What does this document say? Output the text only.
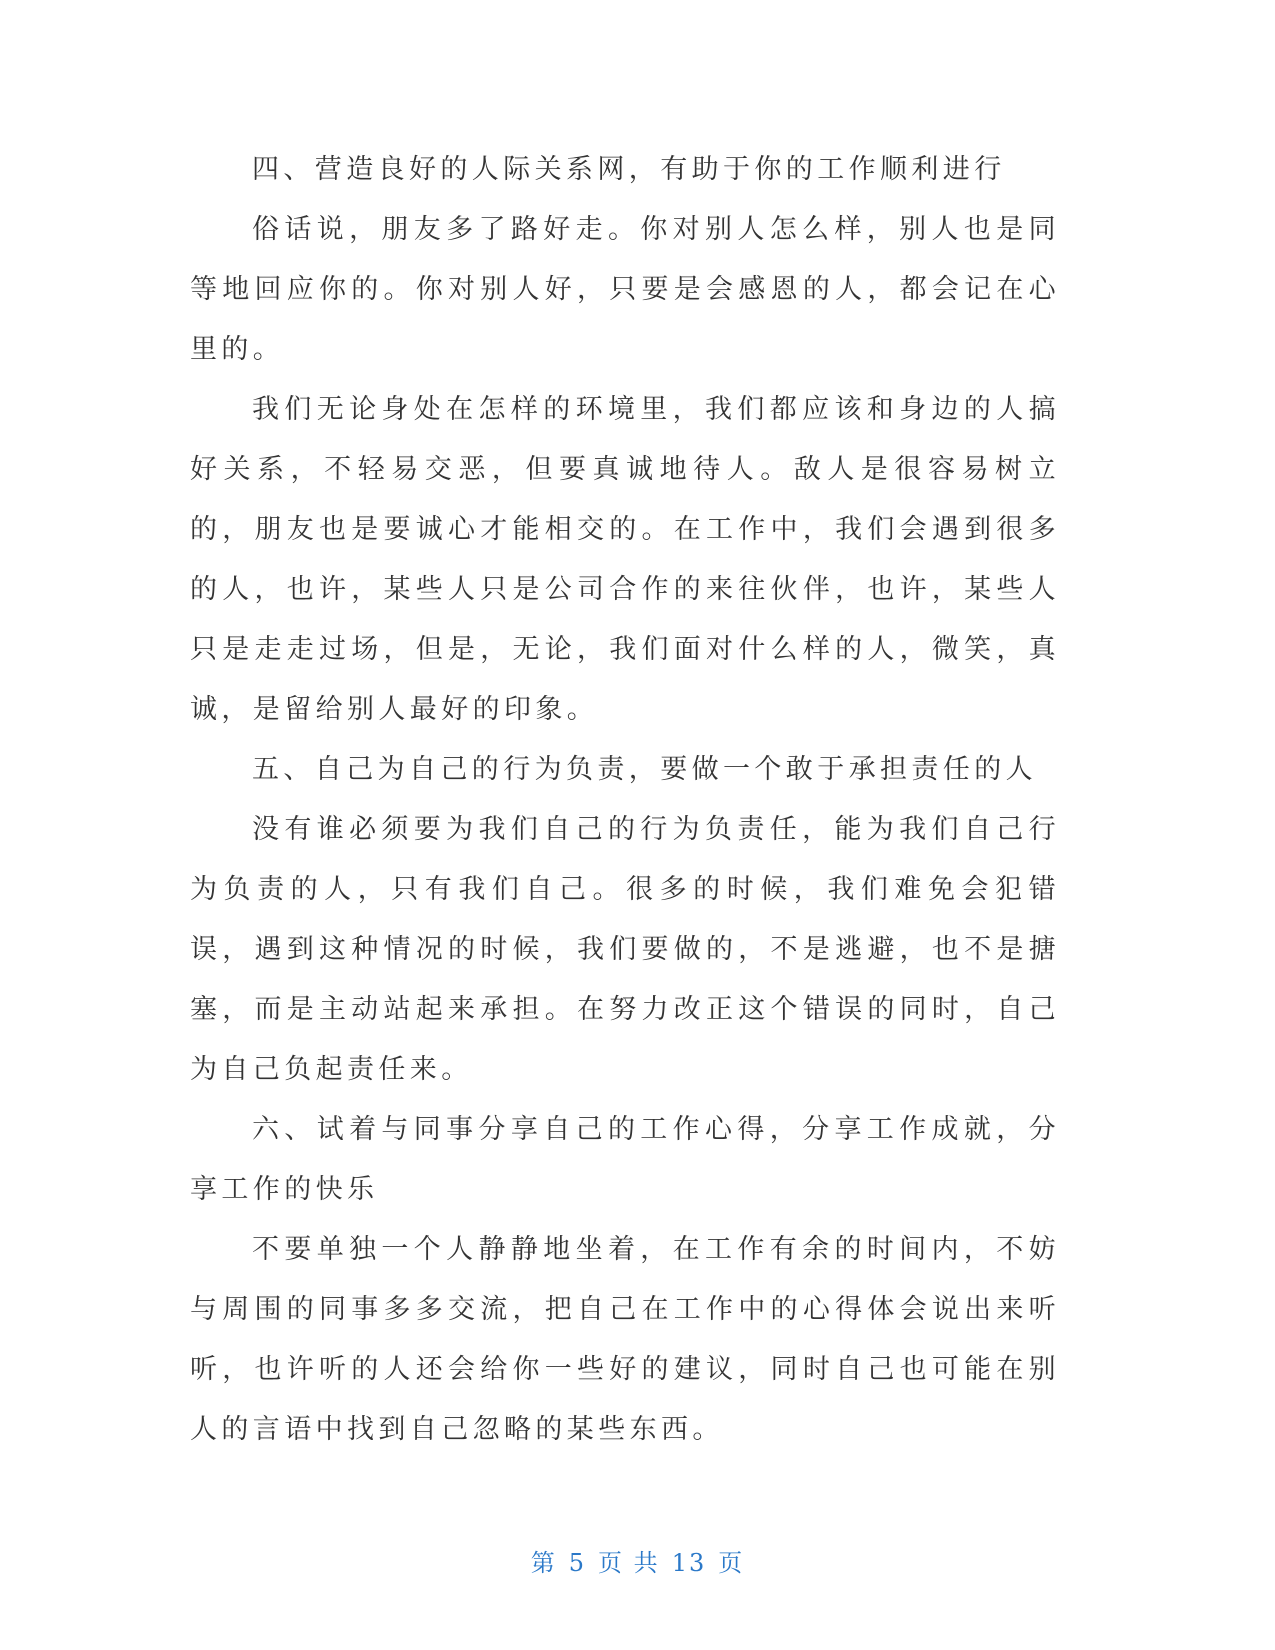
四、营造良好的人际关系网，有助于你的工作顺利进行

俗话说，朋友多了路好走。你对别人怎么样，别人也是同等地回应你的。你对别人好，只要是会感恩的人，都会记在心里的。

我们无论身处在怎样的环境里，我们都应该和身边的人搞好关系，不轻易交恶，但要真诚地待人。敌人是很容易树立的，朋友也是要诚心才能相交的。在工作中，我们会遇到很多的人，也许，某些人只是公司合作的来往伙伴，也许，某些人只是走走过场，但是，无论，我们面对什么样的人，微笑，真诚，是留给别人最好的印象。

五、自己为自己的行为负责，要做一个敢于承担责任的人

没有谁必须要为我们自己的行为负责任，能为我们自己行为负责的人，只有我们自己。很多的时候，我们难免会犯错误，遇到这种情况的时候，我们要做的，不是逃避，也不是搪塞，而是主动站起来承担。在努力改正这个错误的同时，自己为自己负起责任来。

六、试着与同事分享自己的工作心得，分享工作成就，分享工作的快乐

不要单独一个人静静地坐着，在工作有余的时间内，不妨与周围的同事多多交流，把自己在工作中的心得体会说出来听听，也许听的人还会给你一些好的建议，同时自己也可能在别人的言语中找到自己忽略的某些东西。

第 5 页 共 13 页
